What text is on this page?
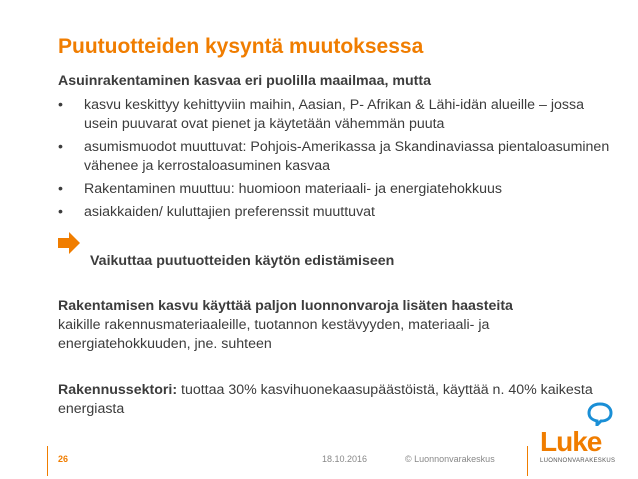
Puutuotteiden kysyntä muutoksessa
Asuinrakentaminen kasvaa eri puolilla maailmaa, mutta
• kasvu keskittyy kehittyviin maihin, Aasian, P- Afrikan & Lähi-idän alueille – jossa usein puuvarat ovat pienet ja käytetään vähemmän puuta
• asumismuodot muuttuvat: Pohjois-Amerikassa ja Skandinaviassa pientaloasuminen vähenee ja kerrostaloasuminen kasvaa
• Rakentaminen muuttuu: huomioon materiaali- ja energiatehokkuus
• asiakkaiden/ kuluttajien preferenssit muuttuvat
Vaikuttaa puutuotteiden käytön edistämiseen
Rakentamisen kasvu käyttää paljon luonnonvaroja lisäten haasteita
kaikille rakennusmateriaaleille, tuotannon kestävyyden, materiaali- ja energiatehokkuuden, jne. suhteen
Rakennussektori: tuottaa 30% kasvihuonekaasupäästöistä, käyttää n. 40% kaikesta energiasta
26	18.10.2016	© Luonnonvarakeskus
Luke
LUONNONVARAKESKUS
